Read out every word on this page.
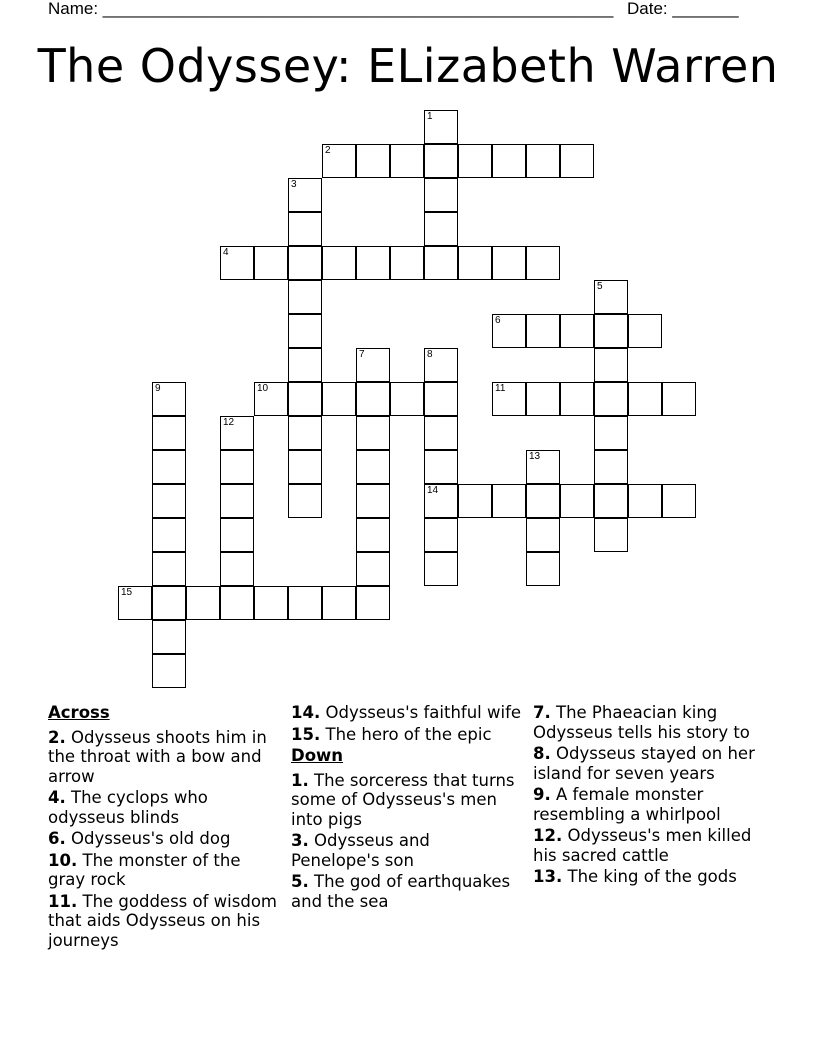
Name: ______________________________________________________ Date: _______
The Odyssey: ELizabeth Warren
1
2
3
4
5
6
7	8
9	10	11
12
13
14
15
Across
2. Odysseus shoots him in the throat with a bow and arrow
4. The cyclops who odysseus blinds
6. Odysseus's old dog
10. The monster of the gray rock
11. The goddess of wisdom that aids Odysseus on his journeys
14. Odysseus's faithful wife
15. The hero of the epic
Down
1. The sorceress that turns some of Odysseus's men into pigs
3. Odysseus and Penelope's son
5. The god of earthquakes and the sea
7. The Phaeacian king Odysseus tells his story to
8. Odysseus stayed on her island for seven years
9. A female monster resembling a whirlpool
12. Odysseus's men killed his sacred cattle
13. The king of the gods
